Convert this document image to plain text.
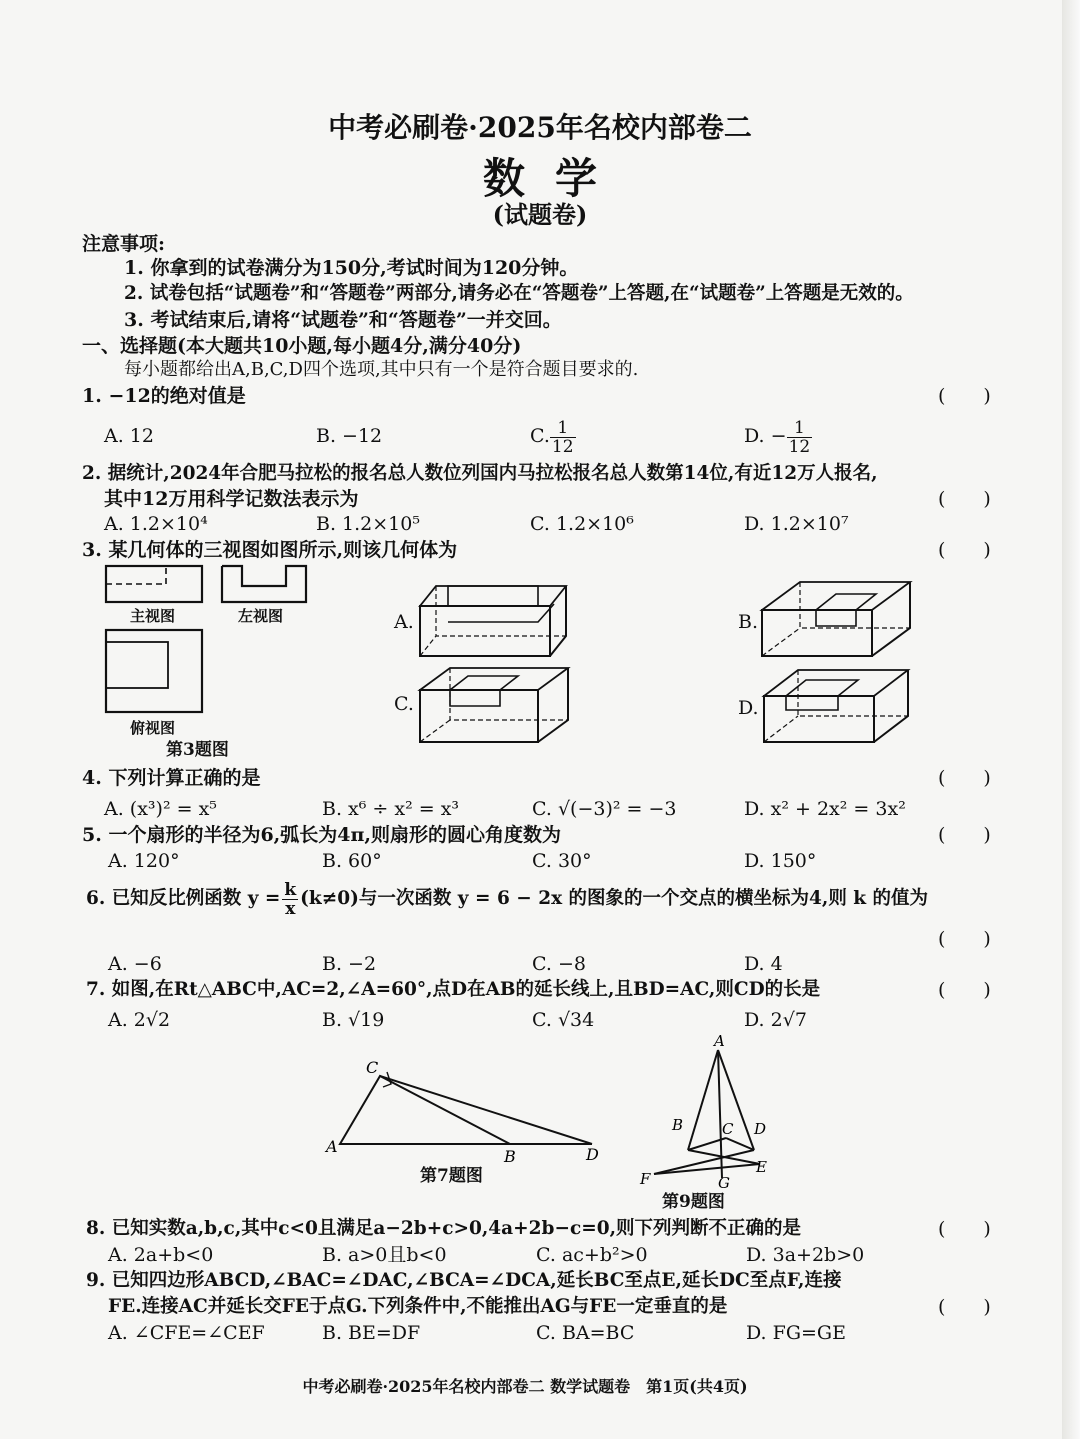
中考必刷卷·2025年名校内部卷二
数学
(试题卷)
注意事项:
1. 你拿到的试卷满分为150分,考试时间为120分钟。
2. 试卷包括“试题卷”和“答题卷”两部分,请务必在“答题卷”上答题,在“试题卷”上答题是无效的。
3. 考试结束后,请将“试题卷”和“答题卷”一并交回。
一、选择题(本大题共10小题,每小题4分,满分40分)
每小题都给出A,B,C,D四个选项,其中只有一个是符合题目要求的.
1. −12的绝对值是	(　　)
A. 12	B. −12	C. $\frac{1}{12}$	D. − $\frac{1}{12}$
2. 据统计,2024年合肥马拉松的报名总人数位列国内马拉松报名总人数第14位,有近12万人报名,
其中12万用科学记数法表示为	(　　)
A. 1.2×10⁴	B. 1.2×10⁵	C. 1.2×10⁶	D. 1.2×10⁷
3. 某几何体的三视图如图所示,则该几何体为	(　　)
主视图	左视图
俯视图
第3题图
A.	B.
C.	D.
4. 下列计算正确的是	(　　)
A. (x³)² = x⁵	B. x⁶ ÷ x² = x³	C. √(−3)² = −3	D. x² + 2x² = 3x²
5. 一个扇形的半径为6,弧长为4π,则扇形的圆心角度数为	(　　)
A. 120°	B. 60°	C. 30°	D. 150°
6. 已知反比例函数 $y = \frac{k}{x} (k\ne 0)$与一次函数 y = 6 − 2x 的图象的一个交点的横坐标为4,则 k 的值为
(　　)
A. −6	B. −2	C. −8	D. 4
7. 如图,在Rt△ABC中,AC=2,∠A=60°,点D在AB的延长线上,且BD=AC,则CD的长是	(　　)
A. 2√2	B. √19	C. √34	D. 2√7
A
C
B	D
第7题图
A
B	C D
E
F	G
第9题图
8. 已知实数a,b,c,其中c<0且满足a−2b+c>0,4a+2b−c=0,则下列判断不正确的是	(　　)
A. 2a+b<0	B. a>0且b<0	C. ac+b²>0	D. 3a+2b>0
9. 已知四边形ABCD,∠BAC=∠DAC,∠BCA=∠DCA,延长BC至点E,延长DC至点F,连接
FE.连接AC并延长交FE于点G.下列条件中,不能推出AG与FE一定垂直的是	(　　)
A. ∠CFE=∠CEF	B. BE=DF	C. BA=BC	D. FG=GE
中考必刷卷·2025年名校内部卷二 数学试题卷　第1页(共4页)
